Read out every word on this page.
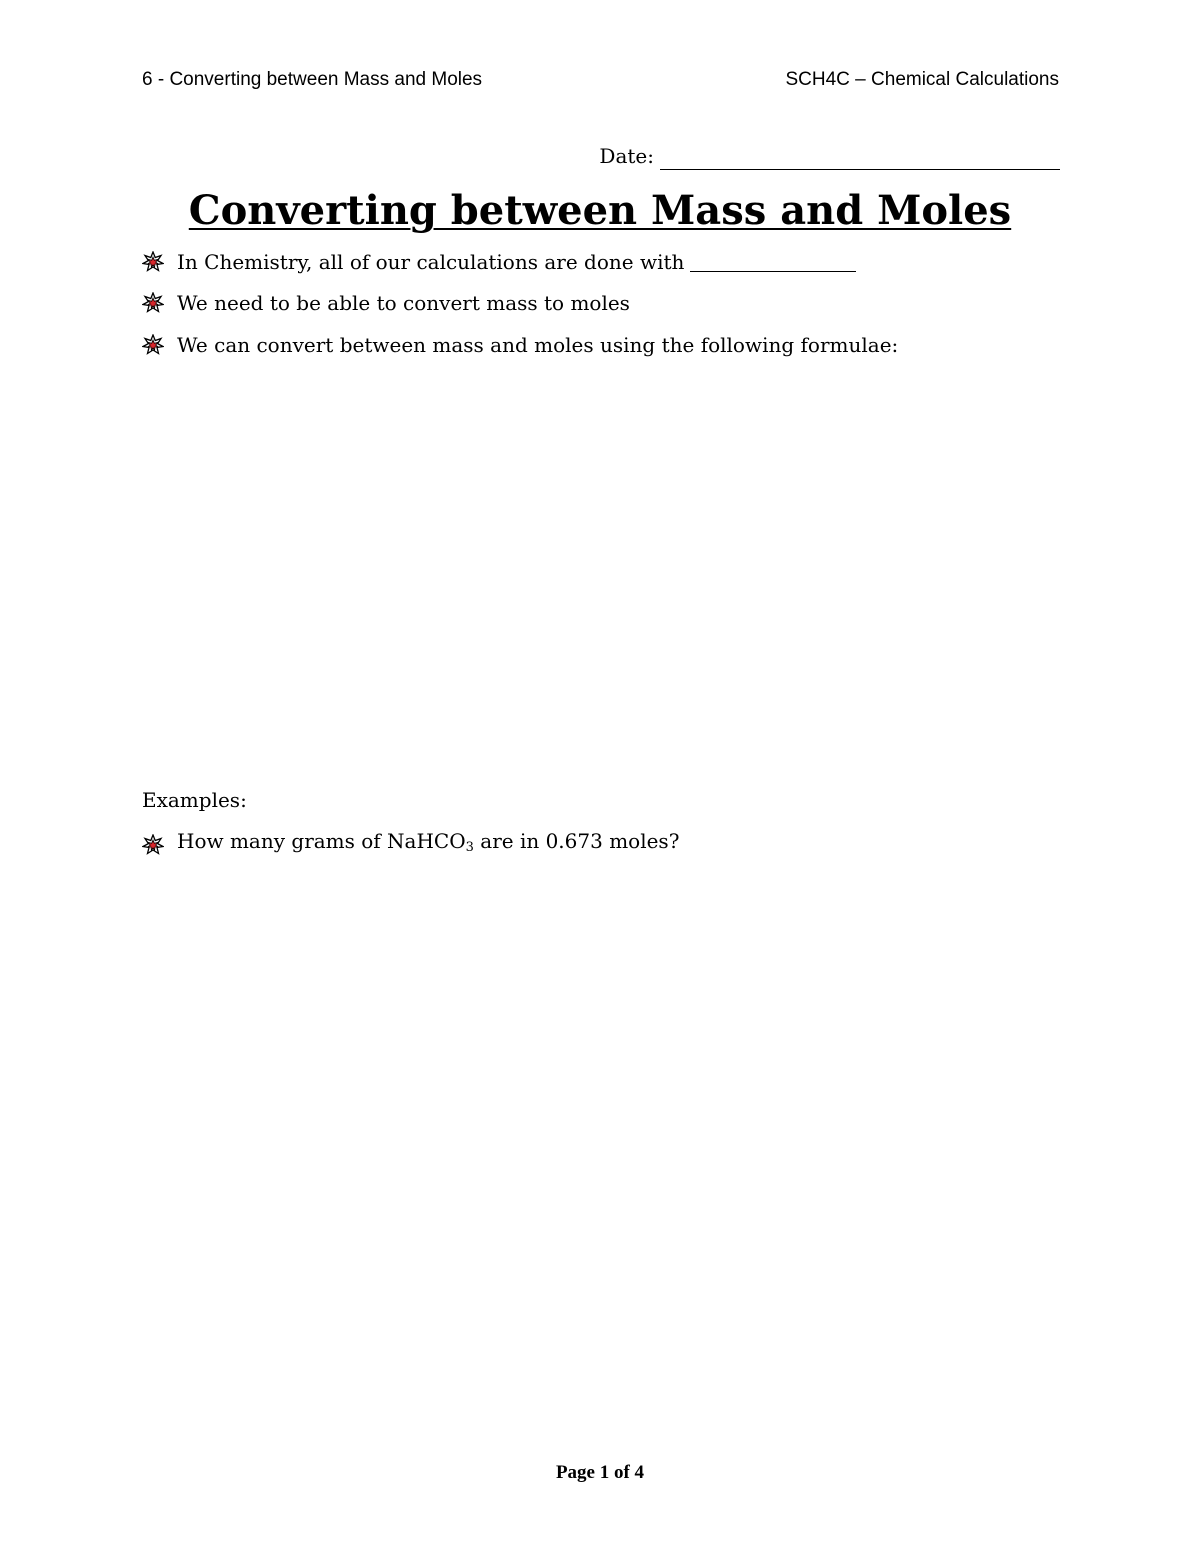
6 - Converting between Mass and Moles	SCH4C – Chemical Calculations
Date:
Converting between Mass and Moles
In Chemistry, all of our calculations are done with
We need to be able to convert mass to moles
We can convert between mass and moles using the following formulae:
Examples:
How many grams of NaHCO$_3$ are in 0.673 moles?
Page 1 of 4
